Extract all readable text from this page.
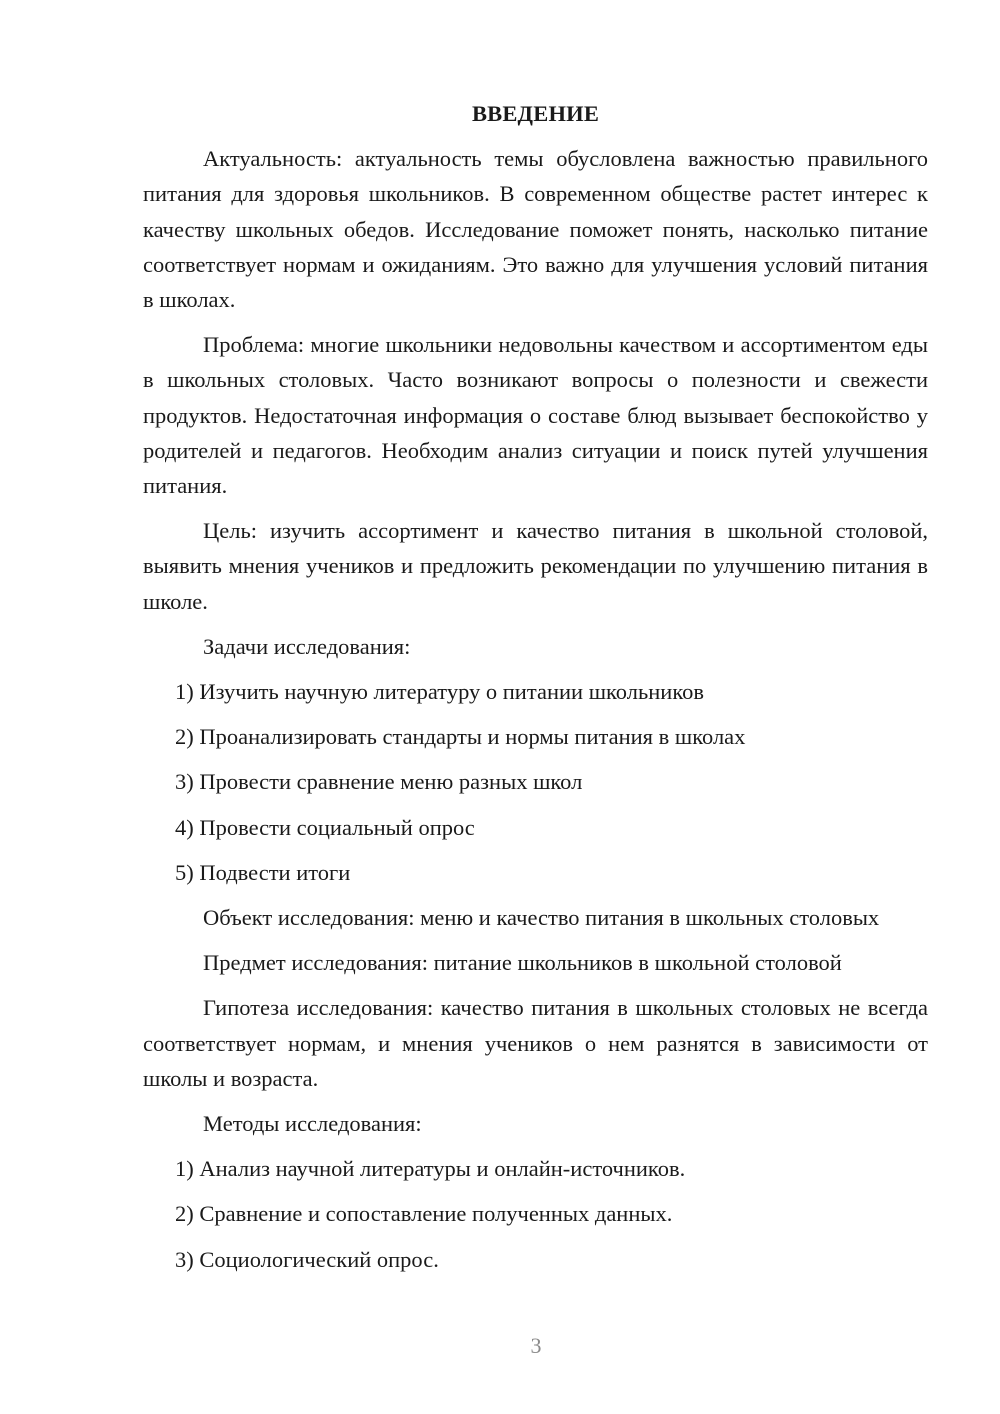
ВВЕДЕНИЕ
Актуальность: актуальность темы обусловлена важностью правильного питания для здоровья школьников. В современном обществе растет интерес к качеству школьных обедов. Исследование поможет понять, насколько питание соответствует нормам и ожиданиям. Это важно для улучшения условий питания в школах.
Проблема: многие школьники недовольны качеством и ассортиментом еды в школьных столовых. Часто возникают вопросы о полезности и свежести продуктов. Недостаточная информация о составе блюд вызывает беспокойство у родителей и педагогов. Необходим анализ ситуации и поиск путей улучшения питания.
Цель: изучить ассортимент и качество питания в школьной столовой, выявить мнения учеников и предложить рекомендации по улучшению питания в школе.
Задачи исследования:
1) Изучить научную литературу о питании школьников
2) Проанализировать стандарты и нормы питания в школах
3) Провести сравнение меню разных школ
4) Провести социальный опрос
5) Подвести итоги
Объект исследования: меню и качество питания в школьных столовых
Предмет исследования: питание школьников в школьной столовой
Гипотеза исследования: качество питания в школьных столовых не всегда соответствует нормам, и мнения учеников о нем разнятся в зависимости от школы и возраста.
Методы исследования:
1) Анализ научной литературы и онлайн-источников.
2) Сравнение и сопоставление полученных данных.
3) Социологический опрос.
3
